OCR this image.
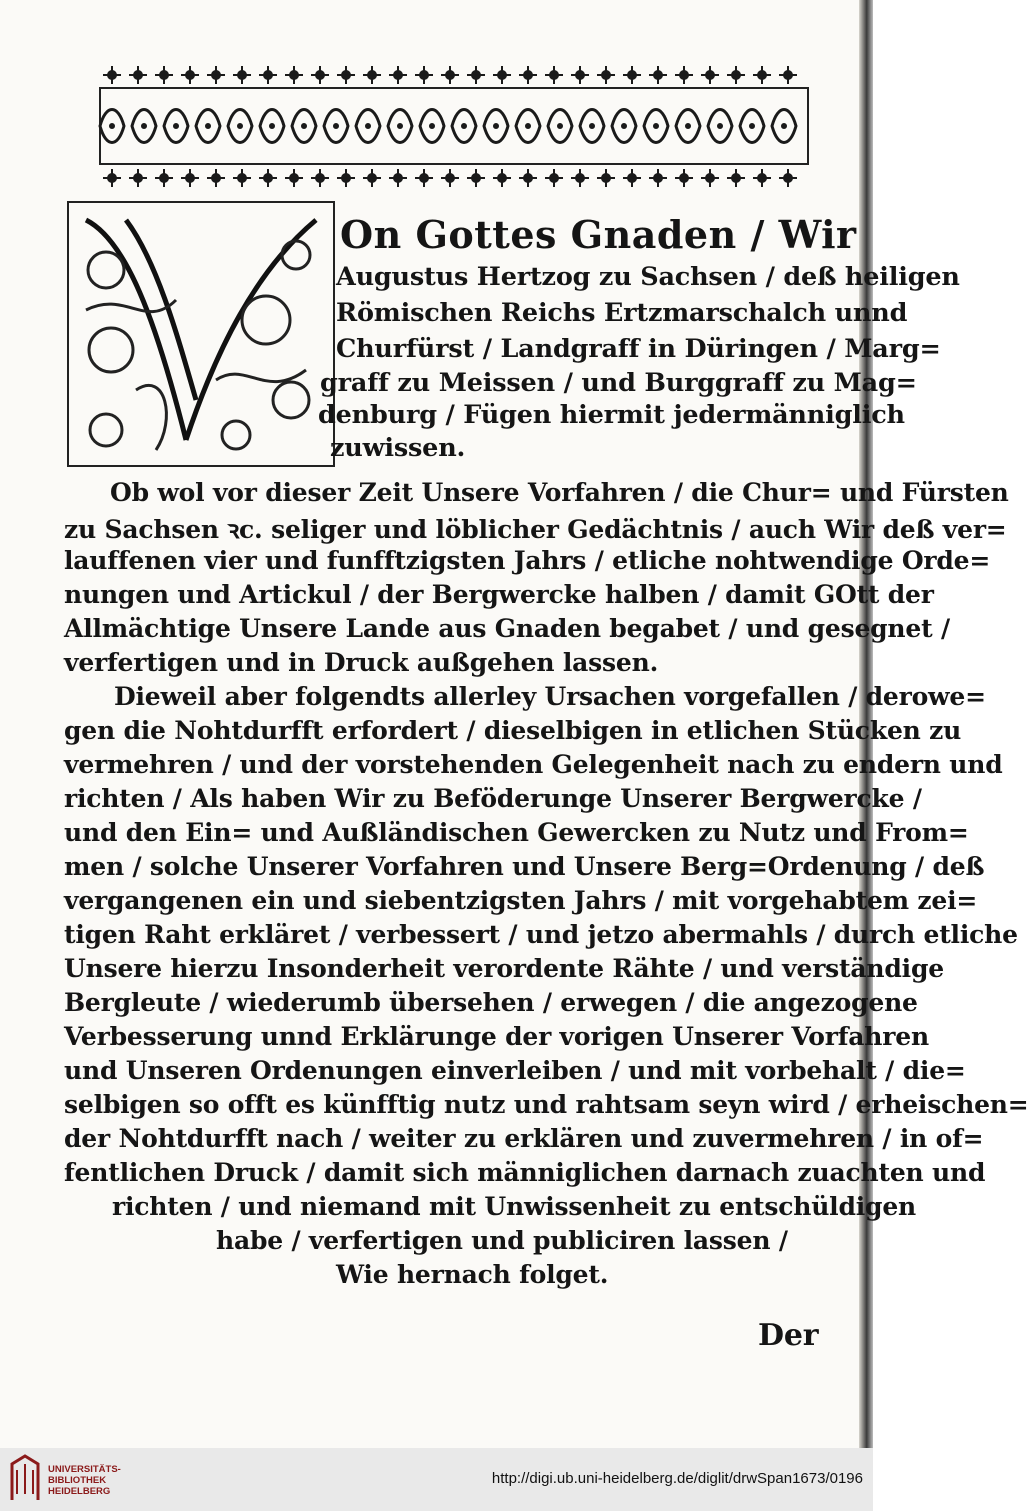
On Gottes Gnaden / Wir
Augustus Hertzog zu Sachsen / deß heiligen
Römischen Reichs Ertzmarschalch unnd
Churfürst / Landgraff in Düringen / Marg=
graff zu Meissen / und Burggraff zu Mag=
denburg / Fügen hiermit jedermänniglich
zuwissen.
Ob wol vor dieser Zeit Unsere Vorfahren / die Chur= und Fürsten
zu Sachsen ꝛc. seliger und löblicher Gedächtnis / auch Wir deß ver=
lauffenen vier und funfftzigsten Jahrs / etliche nohtwendige Orde=
nungen und Artickul / der Bergwercke halben / damit GOtt der
Allmächtige Unsere Lande aus Gnaden begabet / und gesegnet /
verfertigen und in Druck außgehen lassen.
Dieweil aber folgendts allerley Ursachen vorgefallen / derowe=
gen die Nohtdurfft erfordert / dieselbigen in etlichen Stücken zu
vermehren / und der vorstehenden Gelegenheit nach zu endern und
richten / Als haben Wir zu Beföderunge Unserer Bergwercke /
und den Ein= und Außländischen Gewercken zu Nutz und From=
men / solche Unserer Vorfahren und Unsere Berg=Ordenung / deß
vergangenen ein und siebentzigsten Jahrs / mit vorgehabtem zei=
tigen Raht erkläret / verbessert / und jetzo abermahls / durch etliche
Unsere hierzu Insonderheit verordente Rähte / und verständige
Bergleute / wiederumb übersehen / erwegen / die angezogene
Verbesserung unnd Erklärunge der vorigen Unserer Vorfahren
und Unseren Ordenungen einverleiben / und mit vorbehalt / die=
selbigen so offt es künfftig nutz und rahtsam seyn wird / erheischen=
der Nohtdurfft nach / weiter zu erklären und zuvermehren / in of=
fentlichen Druck / damit sich männiglichen darnach zuachten und
richten / und niemand mit Unwissenheit zu entschüldigen
habe / verfertigen und publiciren lassen /
Wie hernach folget.
Der
UNIVERSITÄTS-
BIBLIOTHEK
HEIDELBERG
http://digi.ub.uni-heidelberg.de/diglit/drwSpan1673/0196
